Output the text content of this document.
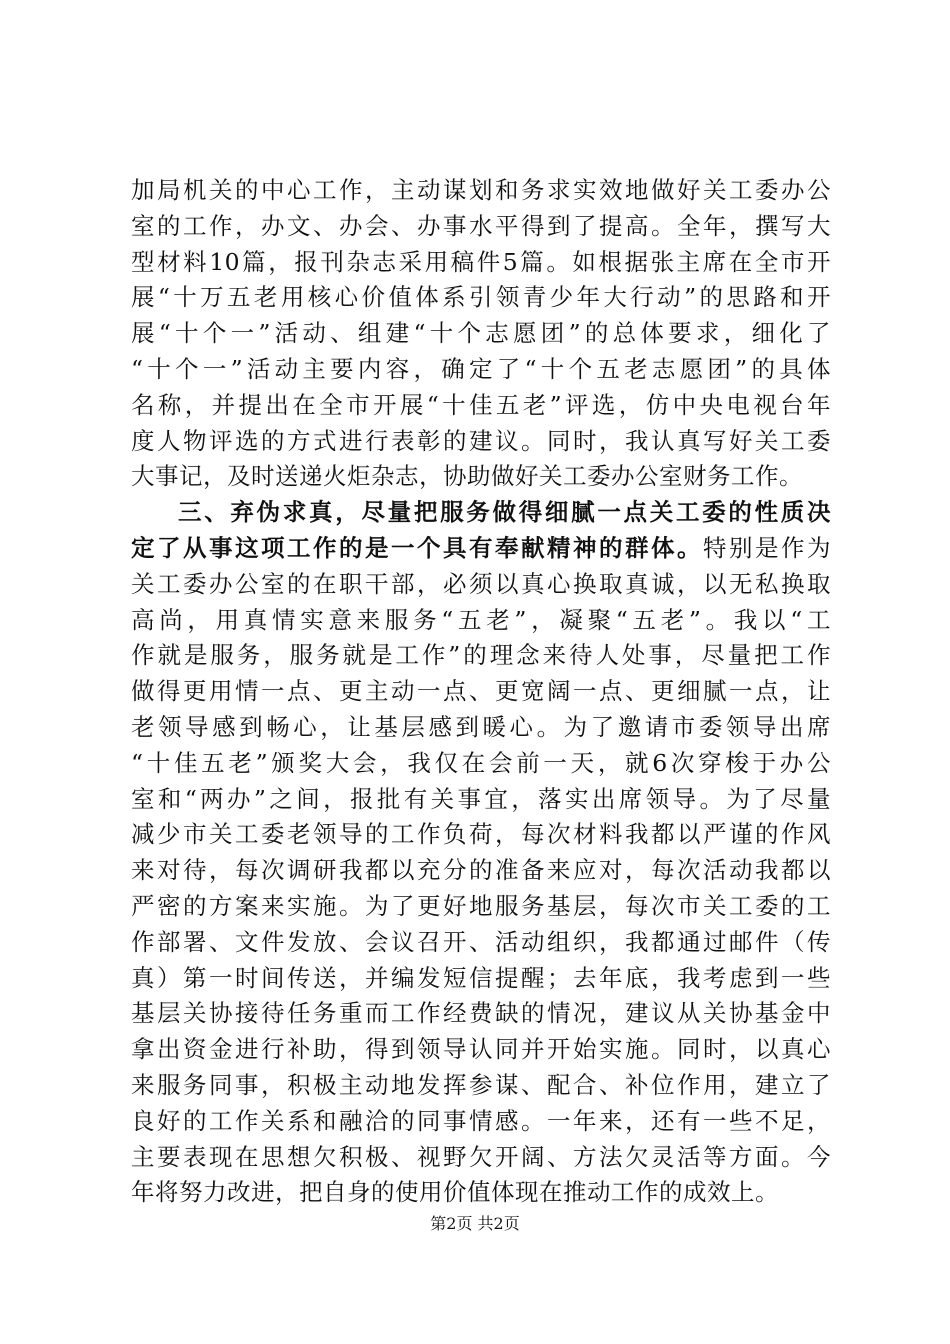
加局机关的中心工作，主动谋划和务求实效地做好关工委办公
室的工作，办文、办会、办事水平得到了提高。全年，撰写大
型材料10篇，报刊杂志采用稿件5篇。如根据张主席在全市开
展“十万五老用核心价值体系引领青少年大行动”的思路和开
展“十个一”活动、组建“十个志愿团”的总体要求，细化了
“十个一”活动主要内容，确定了“十个五老志愿团”的具体
名称，并提出在全市开展“十佳五老”评选，仿中央电视台年
度人物评选的方式进行表彰的建议。同时，我认真写好关工委
大事记，及时送递火炬杂志，协助做好关工委办公室财务工作。
三、弃伪求真，尽量把服务做得细腻一点关工委的性质决
定了从事这项工作的是一个具有奉献精神的群体。特别是作为
关工委办公室的在职干部，必须以真心换取真诚，以无私换取
高尚，用真情实意来服务“五老”，凝聚“五老”。我以“工
作就是服务，服务就是工作”的理念来待人处事，尽量把工作
做得更用情一点、更主动一点、更宽阔一点、更细腻一点，让
老领导感到畅心，让基层感到暖心。为了邀请市委领导出席
“十佳五老”颁奖大会，我仅在会前一天，就6次穿梭于办公
室和“两办”之间，报批有关事宜，落实出席领导。为了尽量
减少市关工委老领导的工作负荷，每次材料我都以严谨的作风
来对待，每次调研我都以充分的准备来应对，每次活动我都以
严密的方案来实施。为了更好地服务基层，每次市关工委的工
作部署、文件发放、会议召开、活动组织，我都通过邮件（传
真）第一时间传送，并编发短信提醒；去年底，我考虑到一些
基层关协接待任务重而工作经费缺的情况，建议从关协基金中
拿出资金进行补助，得到领导认同并开始实施。同时，以真心
来服务同事，积极主动地发挥参谋、配合、补位作用，建立了
良好的工作关系和融洽的同事情感。一年来，还有一些不足，
主要表现在思想欠积极、视野欠开阔、方法欠灵活等方面。今
年将努力改进，把自身的使用价值体现在推动工作的成效上。
第2页 共2页
